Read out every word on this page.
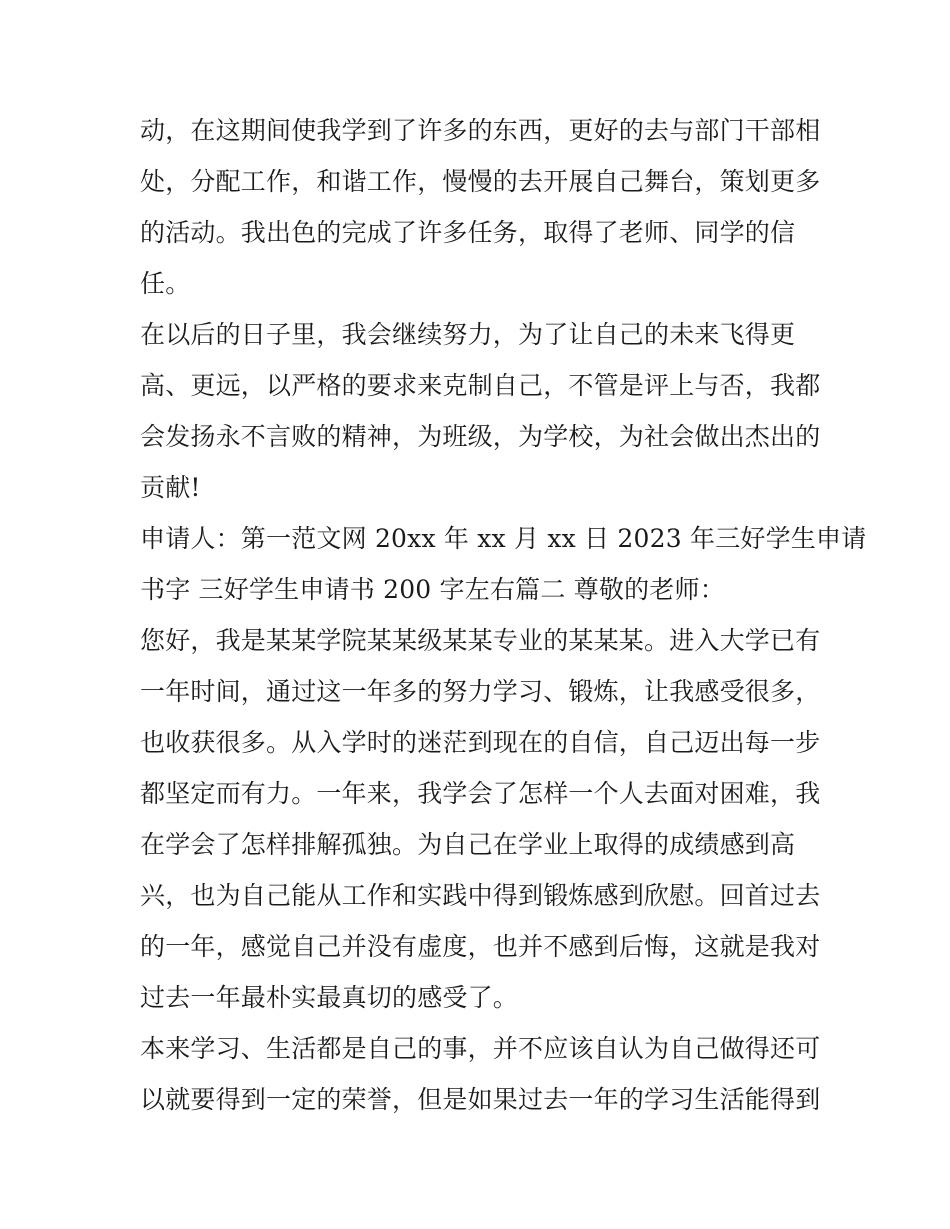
动，在这期间使我学到了许多的东西，更好的去与部门干部相
处，分配工作，和谐工作，慢慢的去开展自己舞台，策划更多
的活动。我出色的完成了许多任务，取得了老师、同学的信
任。
在以后的日子里，我会继续努力，为了让自己的未来飞得更
高、更远，以严格的要求来克制自己，不管是评上与否，我都
会发扬永不言败的精神，为班级，为学校，为社会做出杰出的
贡献!
申请人：第一范文网 20xx 年 xx 月 xx 日 2023 年三好学生申请
书字 三好学生申请书 200 字左右篇二 尊敬的老师：
您好，我是某某学院某某级某某专业的某某某。进入大学已有
一年时间，通过这一年多的努力学习、锻炼，让我感受很多，
也收获很多。从入学时的迷茫到现在的自信，自己迈出每一步
都坚定而有力。一年来，我学会了怎样一个人去面对困难，我
在学会了怎样排解孤独。为自己在学业上取得的成绩感到高
兴，也为自己能从工作和实践中得到锻炼感到欣慰。回首过去
的一年，感觉自己并没有虚度，也并不感到后悔，这就是我对
过去一年最朴实最真切的感受了。
本来学习、生活都是自己的事，并不应该自认为自己做得还可
以就要得到一定的荣誉，但是如果过去一年的学习生活能得到
